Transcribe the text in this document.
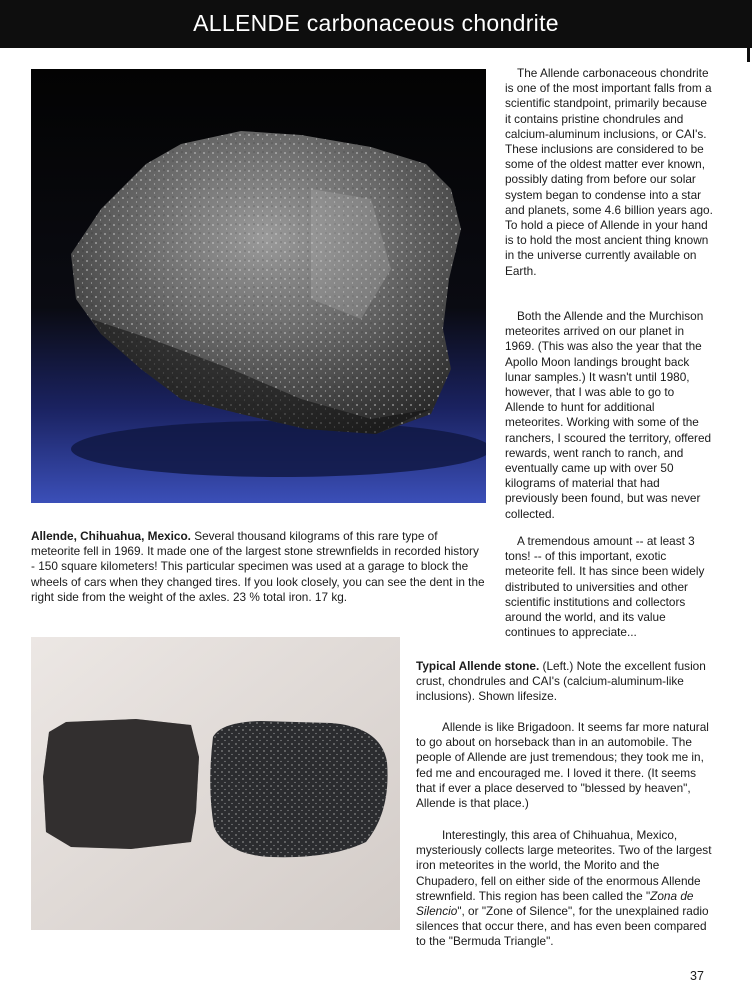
ALLENDE carbonaceous chondrite

The Allende carbonaceous chondrite is one of the most important falls from a scientific standpoint, primarily because it contains pristine chondrules and calcium-aluminum inclusions, or CAI's. These inclusions are considered to be some of the oldest matter ever known, possibly dating from before our solar system began to condense into a star and planets, some 4.6 billion years ago. To hold a piece of Allende in your hand is to hold the most ancient thing known in the universe currently available on Earth.

Both the Allende and the Murchison meteorites arrived on our planet in 1969. (This was also the year that the Apollo Moon landings brought back lunar samples.) It wasn't until 1980, however, that I was able to go to Allende to hunt for additional meteorites. Working with some of the ranchers, I scoured the territory, offered rewards, went ranch to ranch, and eventually came up with over 50 kilograms of material that had previously been found, but was never collected.

A tremendous amount -- at least 3 tons! -- of this important, exotic meteorite fell. It has since been widely distributed to universities and other scientific institutions and collectors around the world, and its value continues to appreciate...

Allende, Chihuahua, Mexico. Several thousand kilograms of this rare type of meteorite fell in 1969. It made one of the largest stone strewnfields in recorded history - 150 square kilometers! This particular specimen was used at a garage to block the wheels of cars when they changed tires. If you look closely, you can see the dent in the right side from the weight of the axles. 23 % total iron. 17 kg.

Typical Allende stone. (Left.) Note the excellent fusion crust, chondrules and CAI's (calcium-aluminum-like inclusions). Shown lifesize.

Allende is like Brigadoon. It seems far more natural to go about on horseback than in an automobile. The people of Allende are just tremendous; they took me in, fed me and encouraged me. I loved it there. (It seems that if ever a place deserved to "blessed by heaven", Allende is that place.)

Interestingly, this area of Chihuahua, Mexico, mysteriously collects large meteorites. Two of the largest iron meteorites in the world, the Morito and the Chupadero, fell on either side of the enormous Allende strewnfield. This region has been called the "Zona de Silencio", or "Zone of Silence", for the unexplained radio silences that occur there, and has even been compared to the "Bermuda Triangle".

37
